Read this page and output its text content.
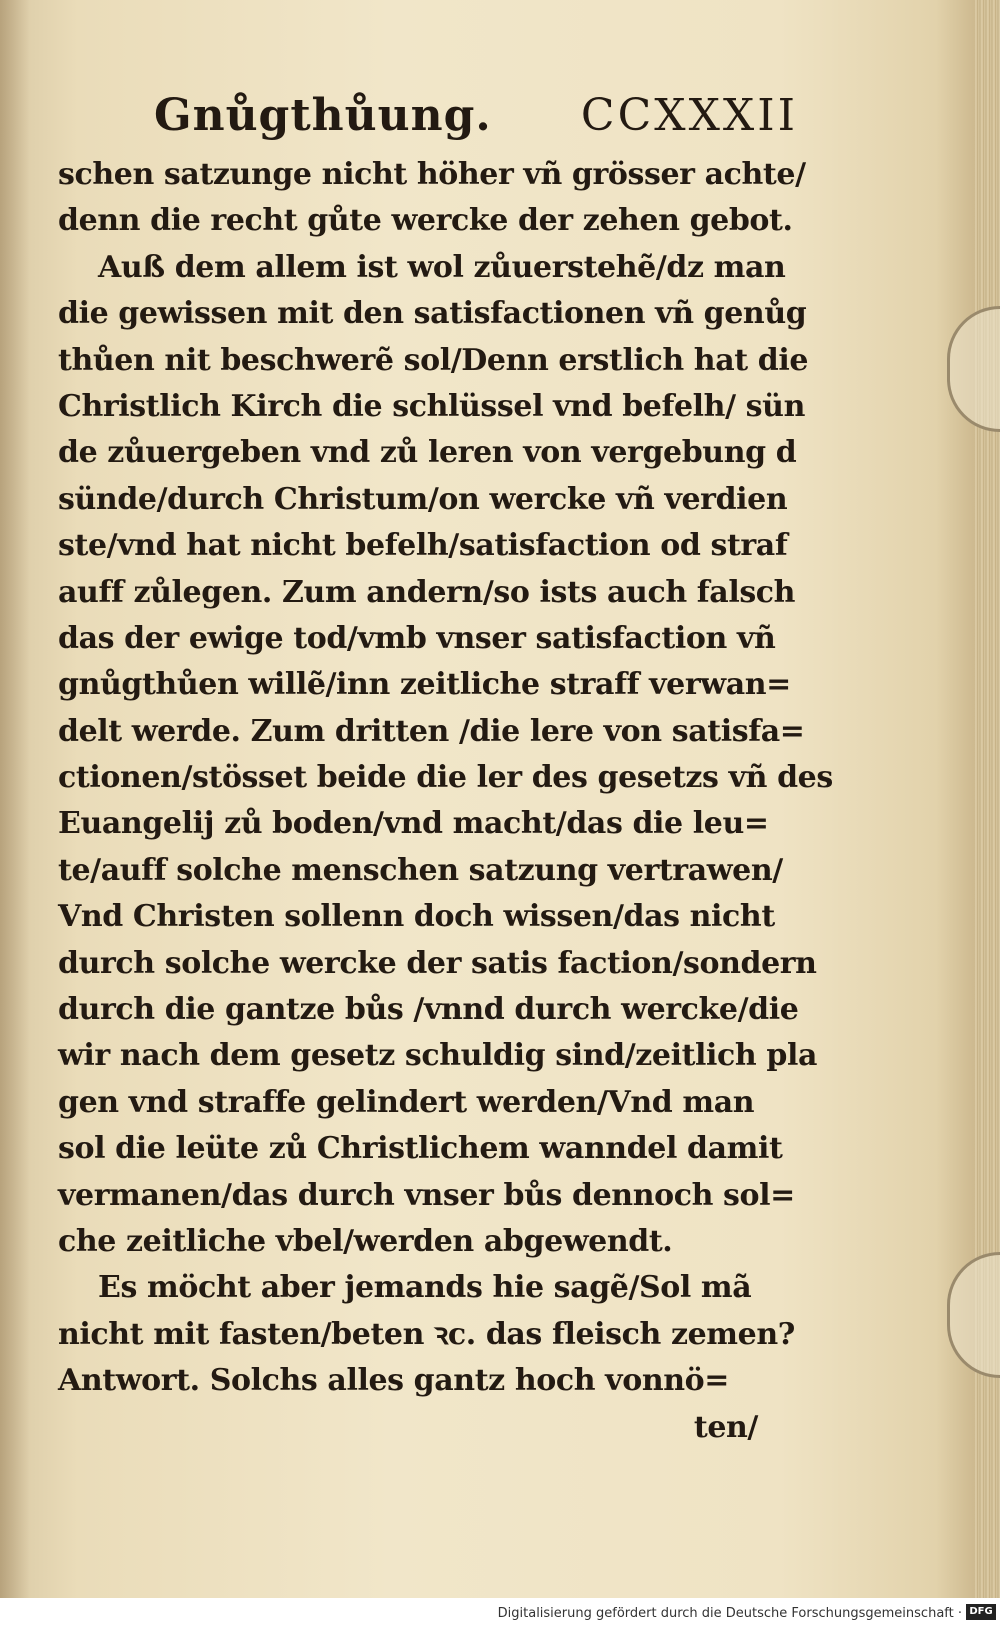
Gnůgthůung. CCXXXII
schen satzunge nicht höher vñ grösser achte/
denn die recht gůte wercke der zehen gebot.
Auß dem allem ist wol zůuerstehẽ/dz man
die gewissen mit den satisfactionen vñ genůg
thůen nit beschwerẽ sol/Denn erstlich hat die
Christlich Kirch die schlüssel vnd befelh/ sün
de zůuergeben vnd zů leren von vergebung d
sünde/durch Christum/on wercke vñ verdien
ste/vnd hat nicht befelh/satisfaction od straf
auff zůlegen. Zum andern/so ists auch falsch
das der ewige tod/vmb vnser satisfaction vñ
gnůgthůen willẽ/inn zeitliche straff verwan=
delt werde. Zum dritten /die lere von satisfa=
ctionen/stösset beide die ler des gesetzs vñ des
Euangelij zů boden/vnd macht/das die leu=
te/auff solche menschen satzung vertrawen/
Vnd Christen sollenn doch wissen/das nicht
durch solche wercke der satis faction/sondern
durch die gantze bůs /vnnd durch wercke/die
wir nach dem gesetz schuldig sind/zeitlich pla
gen vnd straffe gelindert werden/Vnd man
sol die leüte zů Christlichem wanndel damit
vermanen/das durch vnser bůs dennoch sol=
che zeitliche vbel/werden abgewendt.
Es möcht aber jemands hie sagẽ/Sol mã
nicht mit fasten/beten ꝛc. das fleisch zemen?
Antwort. Solchs alles gantz hoch vonnö=
ten/
Digitalisierung gefördert durch die Deutsche Forschungsgemeinschaft · DFG
